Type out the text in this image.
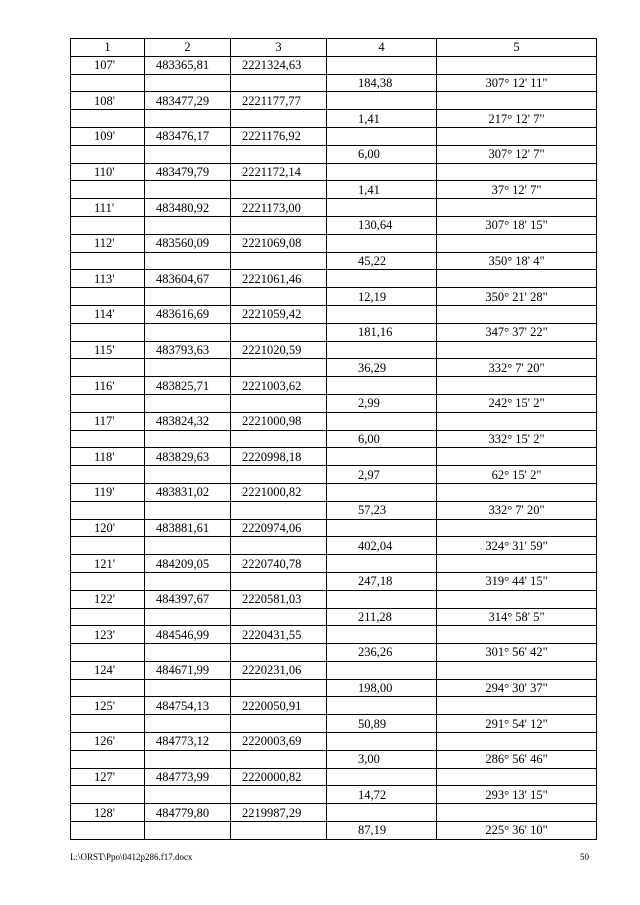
1	2	3	4	5
107'	483365,81	2221324,63		
			184,38	307° 12' 11"
108'	483477,29	2221177,77		
			1,41	217° 12' 7"
109'	483476,17	2221176,92		
			6,00	307° 12' 7"
110'	483479,79	2221172,14		
			1,41	37° 12' 7"
111'	483480,92	2221173,00		
			130,64	307° 18' 15"
112'	483560,09	2221069,08		
			45,22	350° 18' 4"
113'	483604,67	2221061,46		
			12,19	350° 21' 28"
114'	483616,69	2221059,42		
			181,16	347° 37' 22"
115'	483793,63	2221020,59		
			36,29	332° 7' 20"
116'	483825,71	2221003,62		
			2,99	242° 15' 2"
117'	483824,32	2221000,98		
			6,00	332° 15' 2"
118'	483829,63	2220998,18		
			2,97	62° 15' 2"
119'	483831,02	2221000,82		
			57,23	332° 7' 20"
120'	483881,61	2220974,06		
			402,04	324° 31' 59"
121'	484209,05	2220740,78		
			247,18	319° 44' 15"
122'	484397,67	2220581,03		
			211,28	314° 58' 5"
123'	484546,99	2220431,55		
			236,26	301° 56' 42"
124'	484671,99	2220231,06		
			198,00	294° 30' 37"
125'	484754,13	2220050,91		
			50,89	291° 54' 12"
126'	484773,12	2220003,69		
			3,00	286° 56' 46"
127'	484773,99	2220000,82		
			14,72	293° 13' 15"
128'	484779,80	2219987,29		
			87,19	225° 36' 10"
L:\ORST\Ppo\0412p286.f17.docx	50
